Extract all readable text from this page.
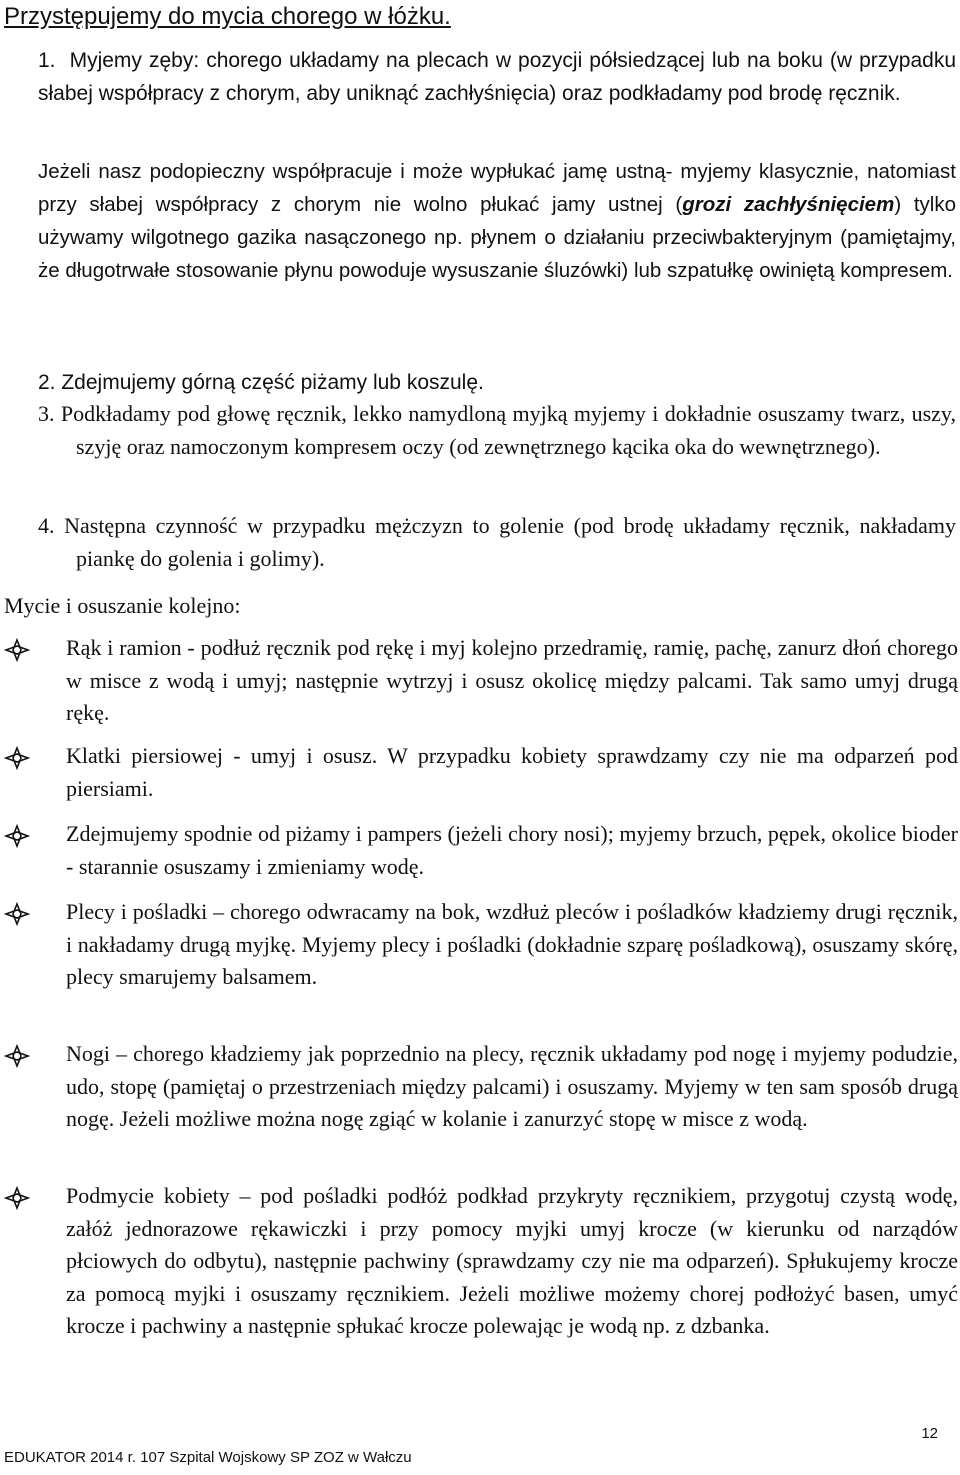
Przystępujemy do mycia chorego w łóżku.
1. Myjemy zęby: chorego układamy na plecach w pozycji półsiedzącej lub na boku (w przypadku słabej współpracy z chorym, aby uniknąć zachłyśnięcia) oraz podkładamy pod brodę ręcznik.
Jeżeli nasz podopieczny współpracuje i może wypłukać jamę ustną- myjemy klasycznie, natomiast przy słabej współpracy z chorym nie wolno płukać jamy ustnej (grozi zachłyśnięciem) tylko używamy wilgotnego gazika nasączonego np. płynem o działaniu przeciwbakteryjnym (pamiętajmy, że długotrwałe stosowanie płynu powoduje wysuszanie śluzówki) lub szpatułkę owiniętą kompresem.
2. Zdejmujemy górną część piżamy lub koszulę.
3. Podkładamy pod głowę ręcznik, lekko namydloną myjką myjemy i dokładnie osuszamy twarz, uszy, szyję oraz namoczonym kompresem oczy (od zewnętrznego kącika oka do wewnętrznego).
4. Następna czynność w przypadku mężczyzn to golenie (pod brodę układamy ręcznik, nakładamy piankę do golenia i golimy).
Mycie i osuszanie kolejno:
Rąk i ramion - podłuż ręcznik pod rękę i myj kolejno przedramię, ramię, pachę, zanurz dłoń chorego w misce z wodą i umyj; następnie wytrzyj i osusz okolicę między palcami. Tak samo umyj drugą rękę.
Klatki piersiowej - umyj i osusz. W przypadku kobiety sprawdzamy czy nie ma odparzeń pod piersiami.
Zdejmujemy spodnie od piżamy i pampers (jeżeli chory nosi); myjemy brzuch, pępek, okolice bioder - starannie osuszamy i zmieniamy wodę.
Plecy i pośladki – chorego odwracamy na bok, wzdłuż pleców i pośladków kładziemy drugi ręcznik, i nakładamy drugą myjkę. Myjemy plecy i pośladki (dokładnie szparę pośladkową), osuszamy skórę, plecy smarujemy balsamem.
Nogi – chorego kładziemy jak poprzednio na plecy, ręcznik układamy pod nogę i myjemy podudzie, udo, stopę (pamiętaj o przestrzeniach między palcami) i osuszamy. Myjemy w ten sam sposób drugą nogę. Jeżeli możliwe można nogę zgiąć w kolanie i zanurzyć stopę w misce z wodą.
Podmycie kobiety – pod pośladki podłóż podkład przykryty ręcznikiem, przygotuj czystą wodę, załóż jednorazowe rękawiczki i przy pomocy myjki umyj krocze (w kierunku od narządów płciowych do odbytu), następnie pachwiny (sprawdzamy czy nie ma odparzeń). Spłukujemy krocze za pomocą myjki i osuszamy ręcznikiem. Jeżeli możliwe możemy chorej podłożyć basen, umyć krocze i pachwiny a następnie spłukać krocze polewając je wodą np. z dzbanka.
12
EDUKATOR 2014 r. 107 Szpital Wojskowy SP ZOZ w Wałczu
